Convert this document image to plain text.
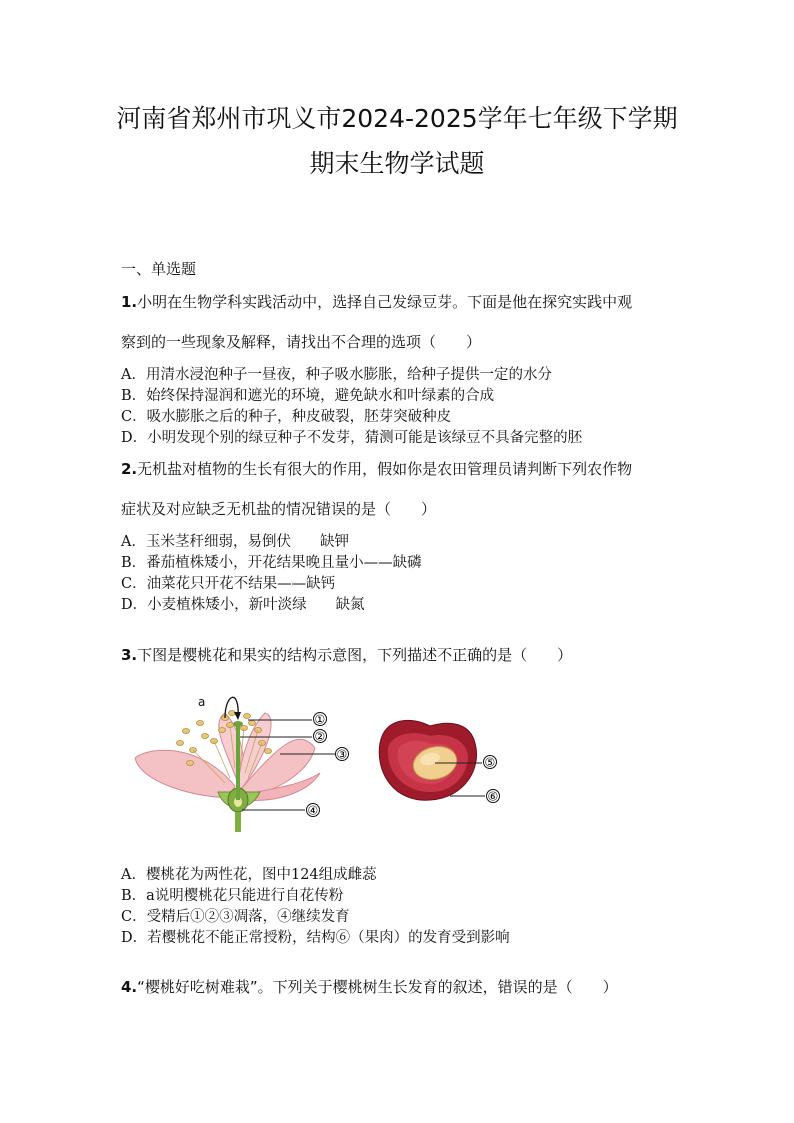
河南省郑州市巩义市2024-2025学年七年级下学期
期末生物学试题
一、单选题
1.小明在生物学科实践活动中，选择自己发绿豆芽。下面是他在探究实践中观
察到的一些现象及解释，请找出不合理的选项（　　）
A．用清水浸泡种子一昼夜，种子吸水膨胀，给种子提供一定的水分
B．始终保持湿润和遮光的环境，避免缺水和叶绿素的合成
C．吸水膨胀之后的种子，种皮破裂，胚芽突破种皮
D．小明发现个别的绿豆种子不发芽，猜测可能是该绿豆不具备完整的胚
2.无机盐对植物的生长有很大的作用，假如你是农田管理员请判断下列农作物
症状及对应缺乏无机盐的情况错误的是（　　）
A．玉米茎秆细弱，易倒伏　　缺钾
B．番茄植株矮小，开花结果晚且量小——缺磷
C．油菜花只开花不结果——缺钙
D．小麦植株矮小，新叶淡绿　　缺氮
3.下图是樱桃花和果实的结构示意图，下列描述不正确的是（　　）
a
①
②
③
④
⑤
⑥
A．樱桃花为两性花，图中124组成雌蕊
B．a说明樱桃花只能进行自花传粉
C．受精后①②③凋落，④继续发育
D．若樱桃花不能正常授粉，结构⑥（果肉）的发育受到影响
4.“樱桃好吃树难栽”。下列关于樱桃树生长发育的叙述，错误的是（　　）
